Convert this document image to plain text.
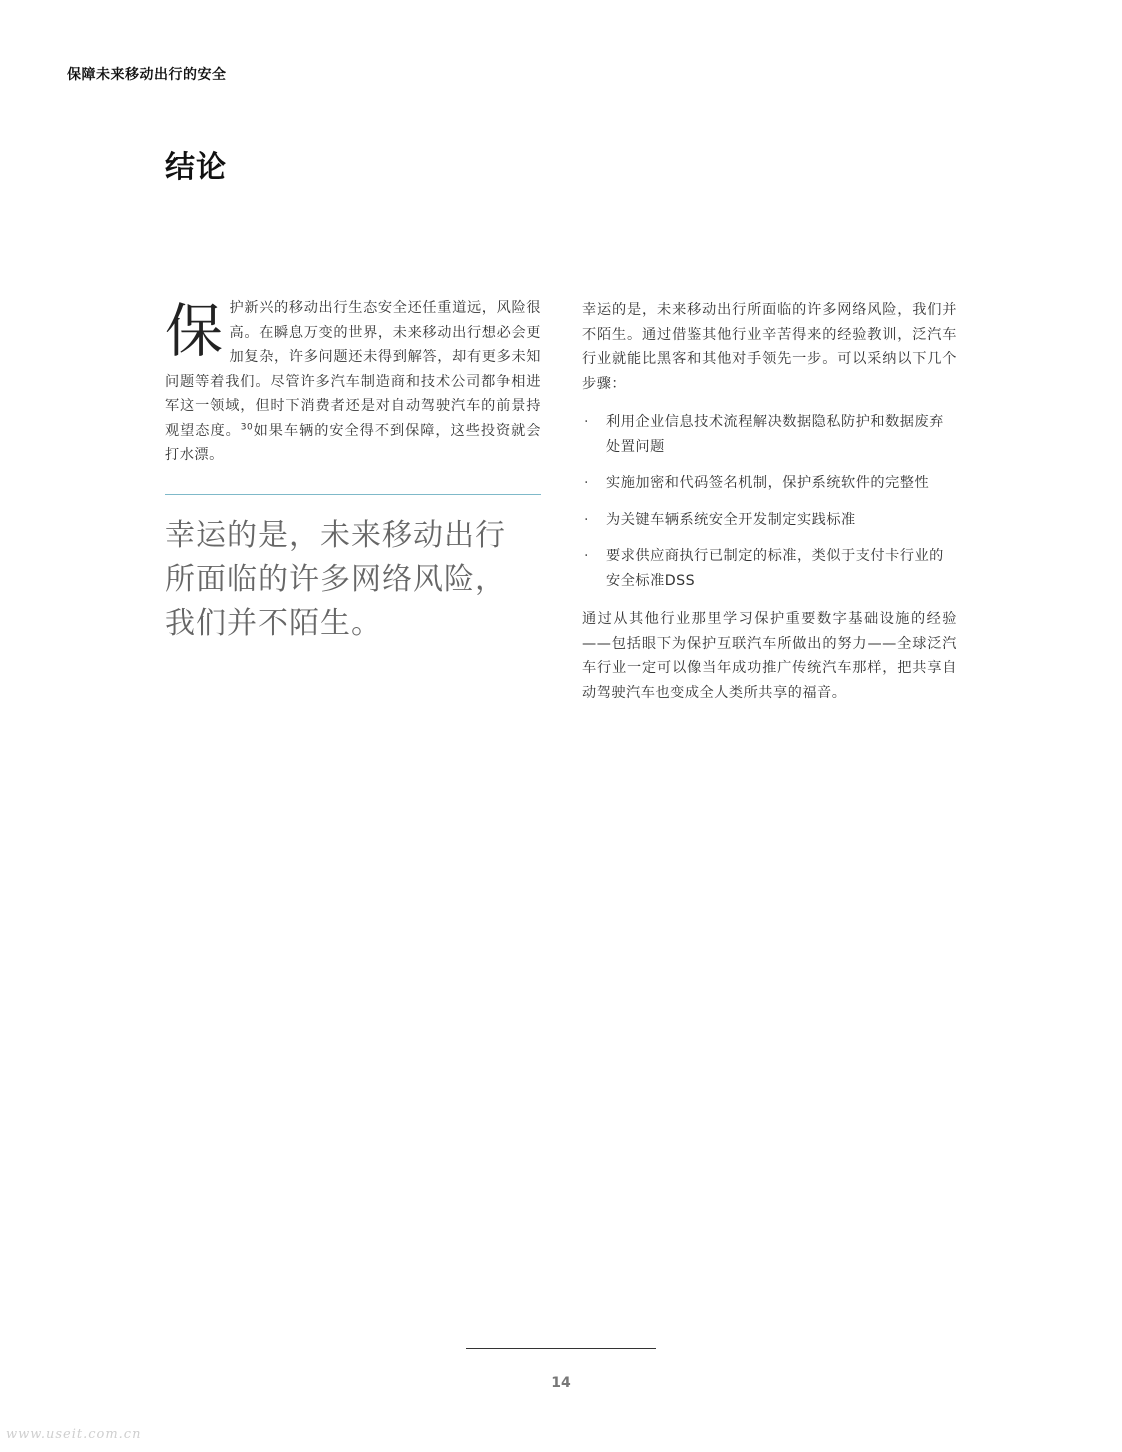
保障未来移动出行的安全
结论

保护新兴的移动出行生态安全还任重道远，风险很高。在瞬息万变的世界，未来移动出行想必会更加复杂，许多问题还未得到解答，却有更多未知问题等着我们。尽管许多汽车制造商和技术公司都争相进军这一领域，但时下消费者还是对自动驾驶汽车的前景持观望态度。$^{30}$如果车辆的安全得不到保障，这些投资就会打水漂。

幸运的是，未来移动出行所面临的许多网络风险，我们并不陌生。

幸运的是，未来移动出行所面临的许多网络风险，我们并不陌生。通过借鉴其他行业辛苦得来的经验教训，泛汽车行业就能比黑客和其他对手领先一步。可以采纳以下几个步骤：

· 利用企业信息技术流程解决数据隐私防护和数据废弃处置问题
· 实施加密和代码签名机制，保护系统软件的完整性
· 为关键车辆系统安全开发制定实践标准
· 要求供应商执行已制定的标准，类似于支付卡行业的安全标准DSS

通过从其他行业那里学习保护重要数字基础设施的经验——包括眼下为保护互联汽车所做出的努力——全球泛汽车行业一定可以像当年成功推广传统汽车那样，把共享自动驾驶汽车也变成全人类所共享的福音。

14
www.useit.com.cn
